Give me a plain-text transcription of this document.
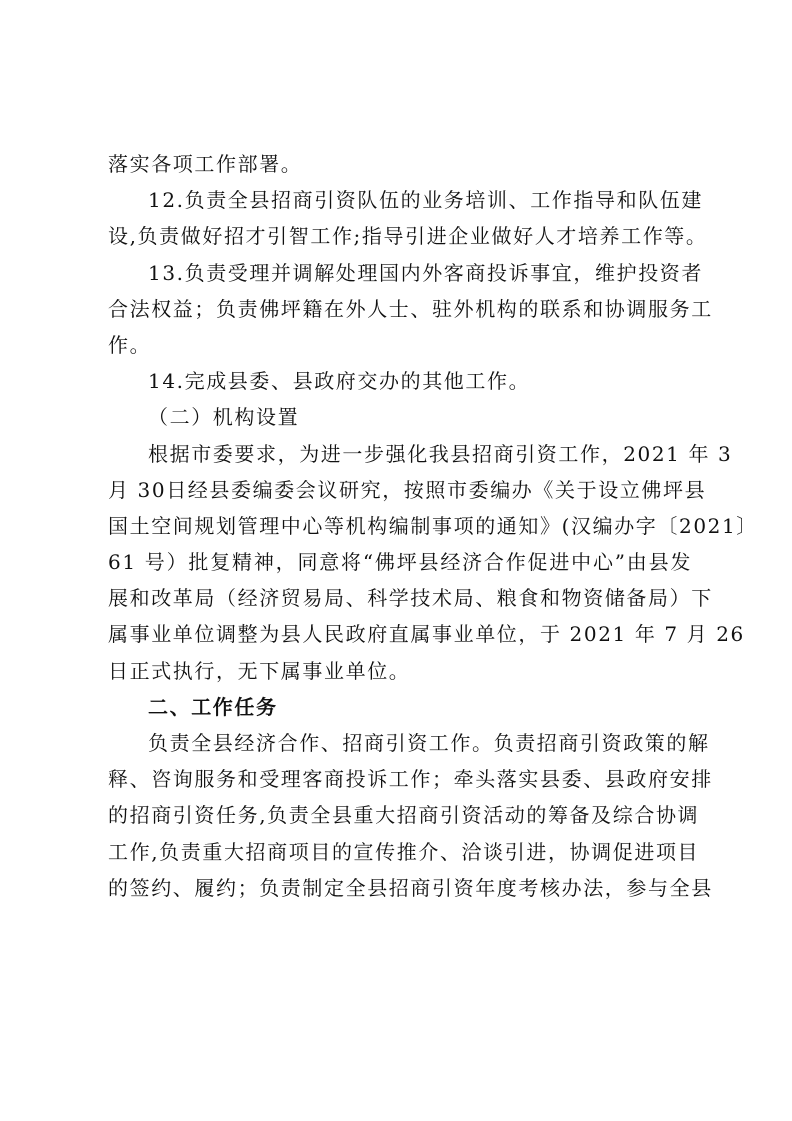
落实各项工作部署。
12.负责全县招商引资队伍的业务培训、工作指导和队伍建
设,负责做好招才引智工作;指导引进企业做好人才培养工作等。
13.负责受理并调解处理国内外客商投诉事宜，维护投资者
合法权益；负责佛坪籍在外人士、驻外机构的联系和协调服务工
作。
14.完成县委、县政府交办的其他工作。
（二）机构设置
根据市委要求，为进一步强化我县招商引资工作，2021 年 3
月 30日经县委编委会议研究，按照市委编办《关于设立佛坪县
国土空间规划管理中心等机构编制事项的通知》(汉编办字〔2021〕
61 号）批复精神，同意将“佛坪县经济合作促进中心”由县发
展和改革局（经济贸易局、科学技术局、粮食和物资储备局）下
属事业单位调整为县人民政府直属事业单位，于 2021 年 7 月 26
日正式执行，无下属事业单位。
二、工作任务
负责全县经济合作、招商引资工作。负责招商引资政策的解
释、咨询服务和受理客商投诉工作；牵头落实县委、县政府安排
的招商引资任务,负责全县重大招商引资活动的筹备及综合协调
工作,负责重大招商项目的宣传推介、洽谈引进，协调促进项目
的签约、履约；负责制定全县招商引资年度考核办法，参与全县
